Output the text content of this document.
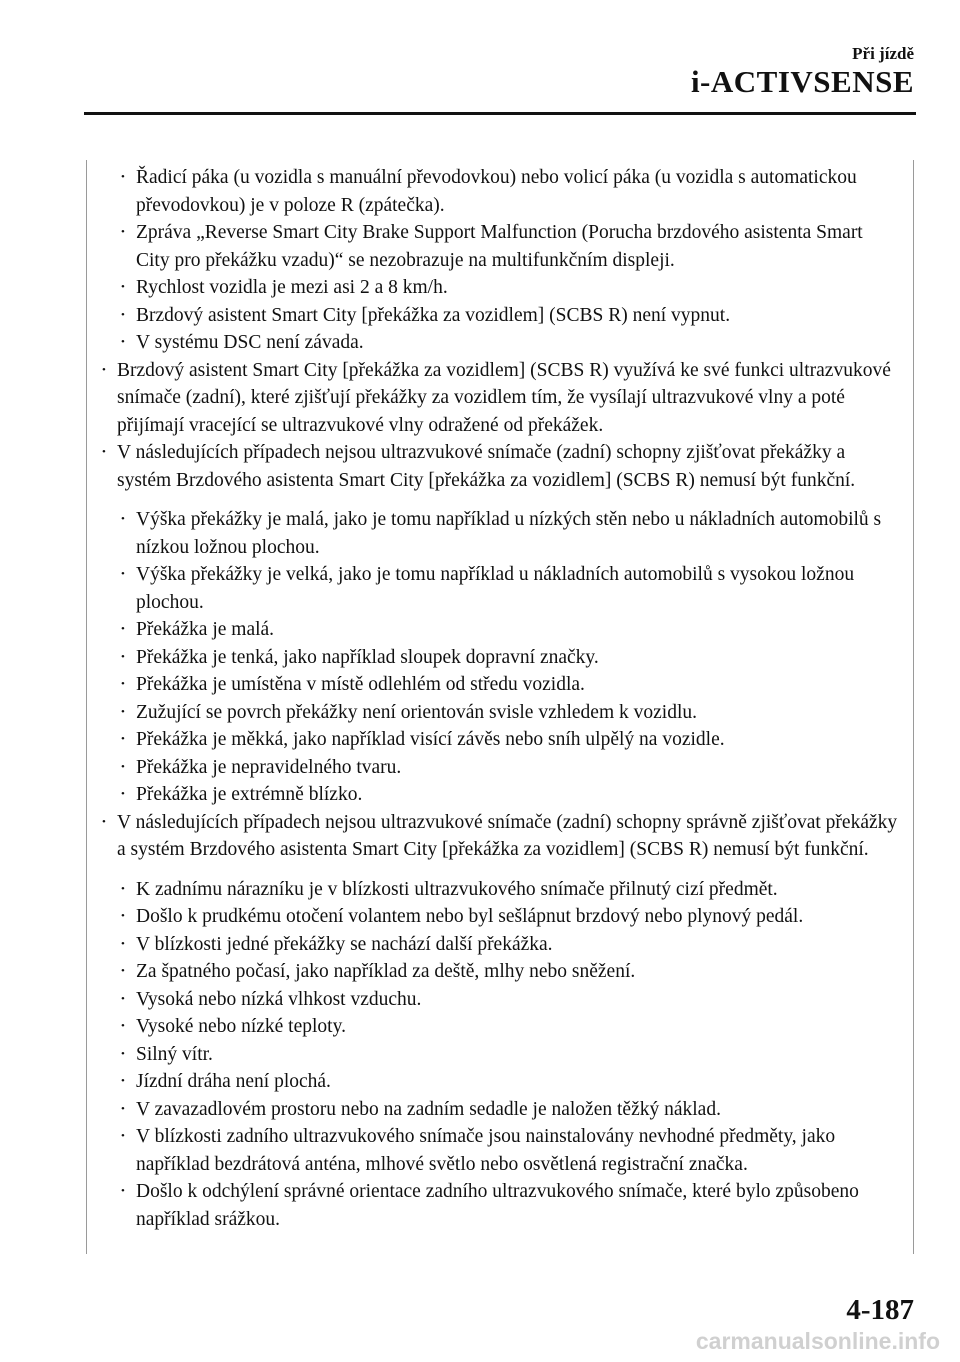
Při jízdě
i-ACTIVSENSE
• Řadicí páka (u vozidla s manuální převodovkou) nebo volicí páka (u vozidla s automatickou převodovkou) je v poloze R (zpátečka).
• Zpráva „Reverse Smart City Brake Support Malfunction (Porucha brzdového asistenta Smart City pro překážku vzadu)“ se nezobrazuje na multifunkčním displeji.
• Rychlost vozidla je mezi asi 2 a 8 km/h.
• Brzdový asistent Smart City [překážka za vozidlem] (SCBS R) není vypnut.
• V systému DSC není závada.
• Brzdový asistent Smart City [překážka za vozidlem] (SCBS R) využívá ke své funkci ultrazvukové snímače (zadní), které zjišťují překážky za vozidlem tím, že vysílají ultrazvukové vlny a poté přijímají vracející se ultrazvukové vlny odražené od překážek.
• V následujících případech nejsou ultrazvukové snímače (zadní) schopny zjišťovat překážky a systém Brzdového asistenta Smart City [překážka za vozidlem] (SCBS R) nemusí být funkční.
• Výška překážky je malá, jako je tomu například u nízkých stěn nebo u nákladních automobilů s nízkou ložnou plochou.
• Výška překážky je velká, jako je tomu například u nákladních automobilů s vysokou ložnou plochou.
• Překážka je malá.
• Překážka je tenká, jako například sloupek dopravní značky.
• Překážka je umístěna v místě odlehlém od středu vozidla.
• Zužující se povrch překážky není orientován svisle vzhledem k vozidlu.
• Překážka je měkká, jako například visící závěs nebo sníh ulpělý na vozidle.
• Překážka je nepravidelného tvaru.
• Překážka je extrémně blízko.
• V následujících případech nejsou ultrazvukové snímače (zadní) schopny správně zjišťovat překážky a systém Brzdového asistenta Smart City [překážka za vozidlem] (SCBS R) nemusí být funkční.
• K zadnímu nárazníku je v blízkosti ultrazvukového snímače přilnutý cizí předmět.
• Došlo k prudkému otočení volantem nebo byl sešlápnut brzdový nebo plynový pedál.
• V blízkosti jedné překážky se nachází další překážka.
• Za špatného počasí, jako například za deště, mlhy nebo sněžení.
• Vysoká nebo nízká vlhkost vzduchu.
• Vysoké nebo nízké teploty.
• Silný vítr.
• Jízdní dráha není plochá.
• V zavazadlovém prostoru nebo na zadním sedadle je naložen těžký náklad.
• V blízkosti zadního ultrazvukového snímače jsou nainstalovány nevhodné předměty, jako například bezdrátová anténa, mlhové světlo nebo osvětlená registrační značka.
• Došlo k odchýlení správné orientace zadního ultrazvukového snímače, které bylo způsobeno například srážkou.
4-187
carmanualsonline.info
